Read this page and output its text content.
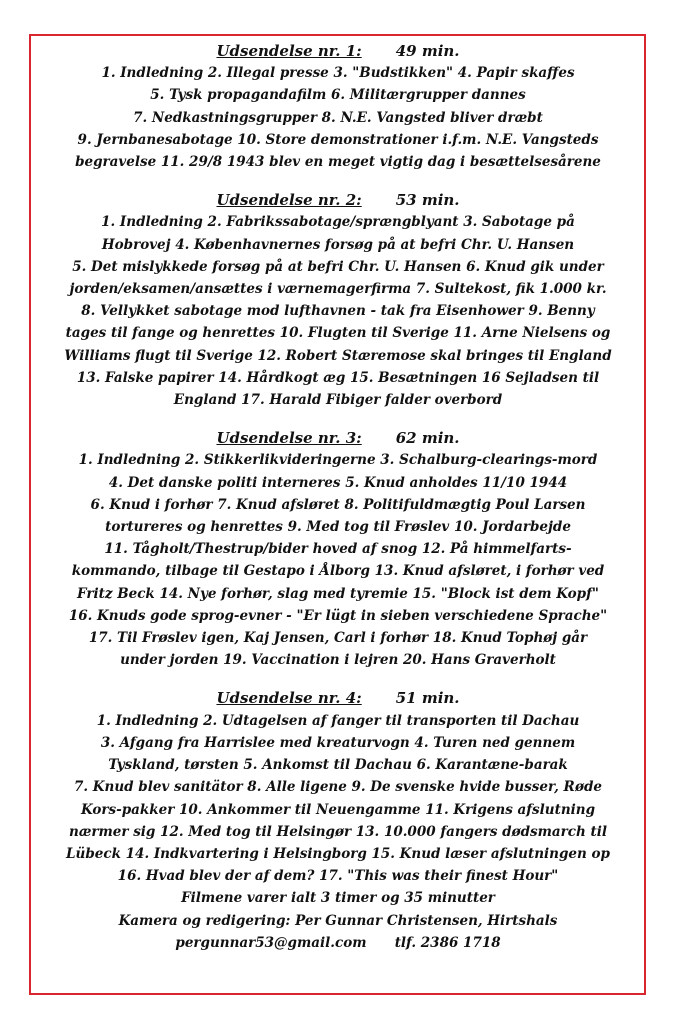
Udsendelse nr. 1: 49 min.
1. Indledning 2. Illegal presse 3. "Budstikken" 4. Papir skaffes
5. Tysk propagandafilm 6. Militærgrupper dannes
7. Nedkastningsgrupper 8. N.E. Vangsted bliver dræbt
9. Jernbanesabotage 10. Store demonstrationer i.f.m. N.E. Vangsteds
begravelse 11. 29/8 1943 blev en meget vigtig dag i besættelsesårene
Udsendelse nr. 2: 53 min.
1. Indledning 2. Fabrikssabotage/sprængblyant 3. Sabotage på
Hobrovej 4. Københavnernes forsøg på at befri Chr. U. Hansen
5. Det mislykkede forsøg på at befri Chr. U. Hansen 6. Knud gik under
jorden/eksamen/ansættes i værnemagerfirma 7. Sultekost, fik 1.000 kr.
8. Vellykket sabotage mod lufthavnen - tak fra Eisenhower 9. Benny
tages til fange og henrettes 10. Flugten til Sverige 11. Arne Nielsens og
Williams flugt til Sverige 12. Robert Stæremose skal bringes til England
13. Falske papirer 14. Hårdkogt æg 15. Besætningen 16 Sejladsen til
England 17. Harald Fibiger falder overbord
Udsendelse nr. 3: 62 min.
1. Indledning 2. Stikkerlikvideringerne 3. Schalburg-clearings-mord
4. Det danske politi interneres 5. Knud anholdes 11/10 1944
6. Knud i forhør 7. Knud afsløret 8. Politifuldmægtig Poul Larsen
tortureres og henrettes 9. Med tog til Frøslev 10. Jordarbejde
11. Tågholt/Thestrup/bider hoved af snog 12. På himmelfarts-
kommando, tilbage til Gestapo i Ålborg 13. Knud afsløret, i forhør ved
Fritz Beck 14. Nye forhør, slag med tyremie 15. "Block ist dem Kopf"
16. Knuds gode sprog-evner - "Er lügt in sieben verschiedene Sprache"
17. Til Frøslev igen, Kaj Jensen, Carl i forhør 18. Knud Tophøj går
under jorden 19. Vaccination i lejren 20. Hans Graverholt
Udsendelse nr. 4: 51 min.
1. Indledning 2. Udtagelsen af fanger til transporten til Dachau
3. Afgang fra Harrislee med kreaturvogn 4. Turen ned gennem
Tyskland, tørsten 5. Ankomst til Dachau 6. Karantæne-barak
7. Knud blev sanitätor 8. Alle ligene 9. De svenske hvide busser, Røde
Kors-pakker 10. Ankommer til Neuengamme 11. Krigens afslutning
nærmer sig 12. Med tog til Helsingør 13. 10.000 fangers dødsmarch til
Lübeck 14. Indkvartering i Helsingborg 15. Knud læser afslutningen op
16. Hvad blev der af dem? 17. "This was their finest Hour"
Filmene varer ialt 3 timer og 35 minutter
Kamera og redigering: Per Gunnar Christensen, Hirtshals
pergunnar53@gmail.com tlf. 2386 1718
